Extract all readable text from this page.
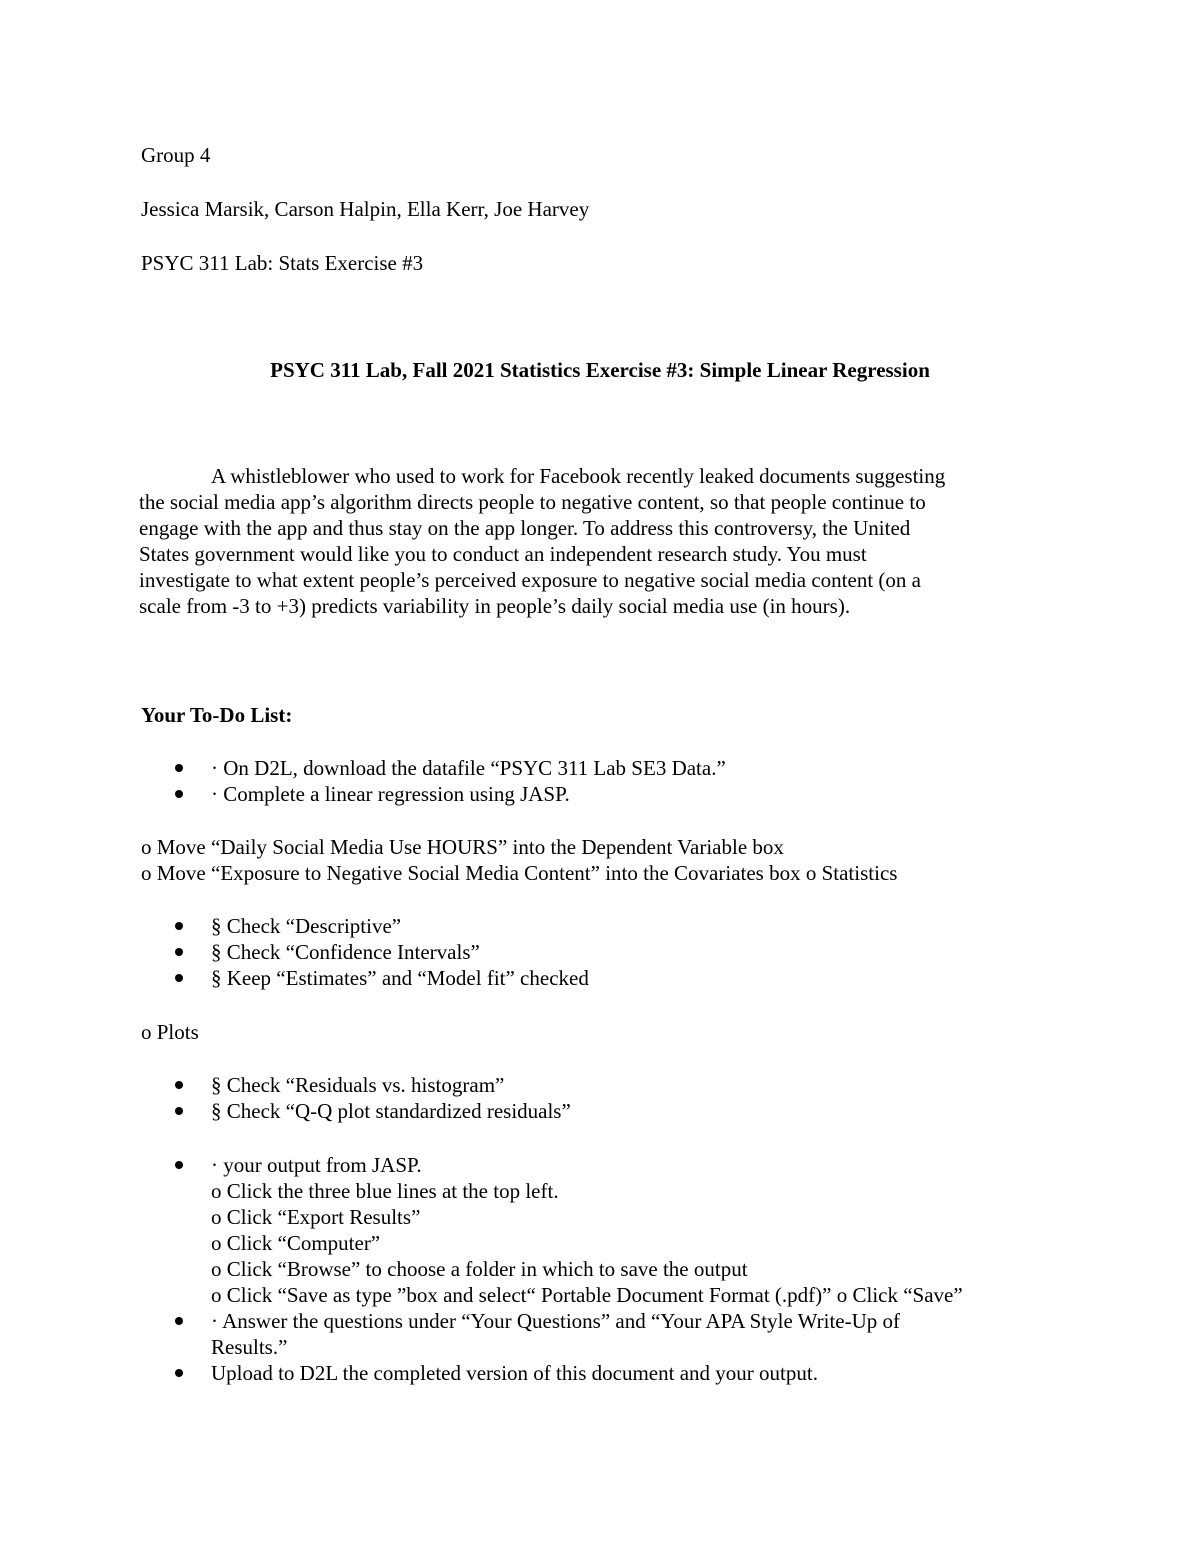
Group 4
Jessica Marsik, Carson Halpin, Ella Kerr, Joe Harvey
PSYC 311 Lab: Stats Exercise #3
PSYC 311 Lab, Fall 2021 Statistics Exercise #3: Simple Linear Regression
A whistleblower who used to work for Facebook recently leaked documents suggesting
the social media app’s algorithm directs people to negative content, so that people continue to
engage with the app and thus stay on the app longer. To address this controversy, the United
States government would like you to conduct an independent research study. You must
investigate to what extent people’s perceived exposure to negative social media content (on a
scale from -3 to +3) predicts variability in people’s daily social media use (in hours).
Your To-Do List:
· On D2L, download the datafile “PSYC 311 Lab SE3 Data.”
· Complete a linear regression using JASP.
o Move “Daily Social Media Use HOURS” into the Dependent Variable box
o Move “Exposure to Negative Social Media Content” into the Covariates box o Statistics
§ Check “Descriptive”
§ Check “Confidence Intervals”
§ Keep “Estimates” and “Model fit” checked
o Plots
§ Check “Residuals vs. histogram”
§ Check “Q-Q plot standardized residuals”
· your output from JASP.
o Click the three blue lines at the top left.
o Click “Export Results”
o Click “Computer”
o Click “Browse” to choose a folder in which to save the output
o Click “Save as type ”box and select“ Portable Document Format (.pdf)” o Click “Save”
· Answer the questions under “Your Questions” and “Your APA Style Write-Up of
Results.”
Upload to D2L the completed version of this document and your output.
